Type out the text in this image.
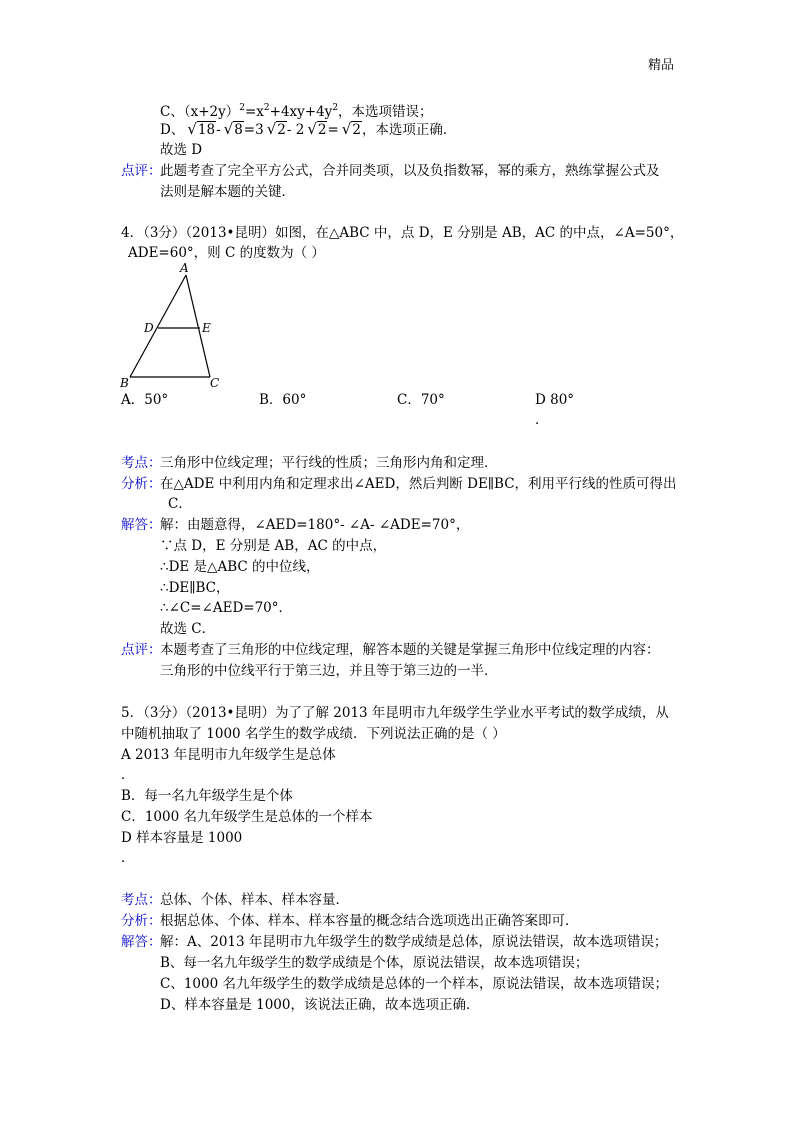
精品
C、$(x+2y)^2=x^2+4xy+4y^2$，本选项错误；
D、 √18- √8=3 √2- 2 √2= √2，本选项正确．
故选 D
点评：
此题考查了完全平方公式，合并同类项，以及负指数幂，幂的乘方，熟练掌握公式及
法则是解本题的关键．
4．（3分）（2013•昆明）如图，在△ABC 中，点 D，E 分别是 AB，AC 的中点，∠A=50°，
ADE=60°，则 C 的度数为（ ）
A
B	C
D	E
A．50°	B．60°	C．70°	D 80°
．
考点：
三角形中位线定理；平行线的性质；三角形内角和定理．
分析：
在△ADE 中利用内角和定理求出∠AED，然后判断 DE∥BC，利用平行线的性质可得出
C．
解答：
解：由题意得，∠AED=180°- ∠A- ∠ADE=70°，
∵点 D，E 分别是 AB，AC 的中点，
∴DE 是△ABC 的中位线，
∴DE∥BC，
∴∠C=∠AED=70°．
故选 C．
点评：
本题考查了三角形的中位线定理，解答本题的关键是掌握三角形中位线定理的内容：
三角形的中位线平行于第三边，并且等于第三边的一半．
5．（3分）（2013•昆明）为了了解 2013 年昆明市九年级学生学业水平考试的数学成绩，从
中随机抽取了 1000 名学生的数学成绩．下列说法正确的是（ ）
A 2013 年昆明市九年级学生是总体
．
B．每一名九年级学生是个体
C．1000 名九年级学生是总体的一个样本
D 样本容量是 1000
．
考点：
总体、个体、样本、样本容量．
分析：
根据总体、个体、样本、样本容量的概念结合选项选出正确答案即可．
解答：
解：A、2013 年昆明市九年级学生的数学成绩是总体，原说法错误，故本选项错误；
B、每一名九年级学生的数学成绩是个体，原说法错误，故本选项错误；
C、1000 名九年级学生的数学成绩是总体的一个样本，原说法错误，故本选项错误；
D、样本容量是 1000，该说法正确，故本选项正确．
